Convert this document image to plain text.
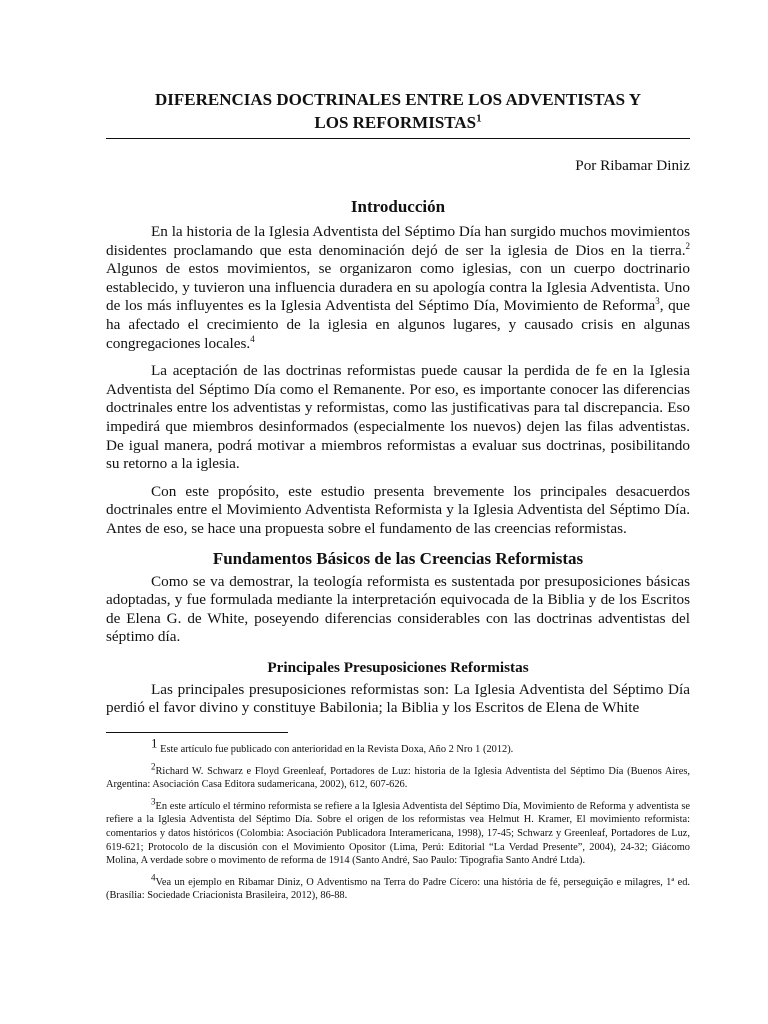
DIFERENCIAS DOCTRINALES ENTRE LOS ADVENTISTAS Y
LOS REFORMISTAS$^1$
Por Ribamar Diniz
Introducción

En la historia de la Iglesia Adventista del Séptimo Día han surgido muchos movimientos disidentes proclamando que esta denominación dejó de ser la iglesia de Dios en la tierra.$^2$ Algunos de estos movimientos, se organizaron como iglesias, con un cuerpo doctrinario establecido, y tuvieron una influencia duradera en su apología contra la Iglesia Adventista. Uno de los más influyentes es la Iglesia Adventista del Séptimo Día, Movimiento de Reforma$^3$, que ha afectado el crecimiento de la iglesia en algunos lugares, y causado crisis en algunas congregaciones locales.$^4$

La aceptación de las doctrinas reformistas puede causar la perdida de fe en la Iglesia Adventista del Séptimo Día como el Remanente. Por eso, es importante conocer las diferencias doctrinales entre los adventistas y reformistas, como las justificativas para tal discrepancia. Eso impedirá que miembros desinformados (especialmente los nuevos) dejen las filas adventistas. De igual manera, podrá motivar a miembros reformistas a evaluar sus doctrinas, posibilitando su retorno a la iglesia.

Con este propósito, este estudio presenta brevemente los principales desacuerdos doctrinales entre el Movimiento Adventista Reformista y la Iglesia Adventista del Séptimo Día. Antes de eso, se hace una propuesta sobre el fundamento de las creencias reformistas.

Fundamentos Básicos de las Creencias Reformistas

Como se va demostrar, la teología reformista es sustentada por presuposiciones básicas adoptadas, y fue formulada mediante la interpretación equivocada de la Biblia y de los Escritos de Elena G. de White, poseyendo diferencias considerables con las doctrinas adventistas del séptimo día.

Principales Presuposiciones Reformistas

Las principales presuposiciones reformistas son: La Iglesia Adventista del Séptimo Día perdió el favor divino y constituye Babilonia; la Biblia y los Escritos de Elena de White

$^1$ Este artículo fue publicado con anterioridad en la Revista Doxa, Año 2 Nro 1 (2012).
$^2$Richard W. Schwarz e Floyd Greenleaf, Portadores de Luz: historia de la Iglesia Adventista del Séptimo Día (Buenos Aires, Argentina: Asociación Casa Editora sudamericana, 2002), 612, 607-626.
$^3$En este artículo el término reformista se refiere a la Iglesia Adventista del Séptimo Día, Movimiento de Reforma y adventista se refiere a la Iglesia Adventista del Séptimo Día. Sobre el origen de los reformistas vea Helmut H. Kramer, El movimiento reformista: comentarios y datos históricos (Colombia: Asociación Publicadora Interamericana, 1998), 17-45; Schwarz y Greenleaf, Portadores de Luz, 619-621; Protocolo de la discusión con el Movimiento Opositor (Lima, Perú: Editorial “La Verdad Presente”, 2004), 24-32; Giácomo Molina, A verdade sobre o movimento de reforma de 1914 (Santo André, Sao Paulo: Tipografia Santo André Ltda).
$^4$Vea un ejemplo en Ribamar Diniz, O Adventismo na Terra do Padre Cícero: una história de fé, perseguição e milagres, 1ª ed. (Brasília: Sociedade Criacionista Brasileira, 2012), 86-88.
